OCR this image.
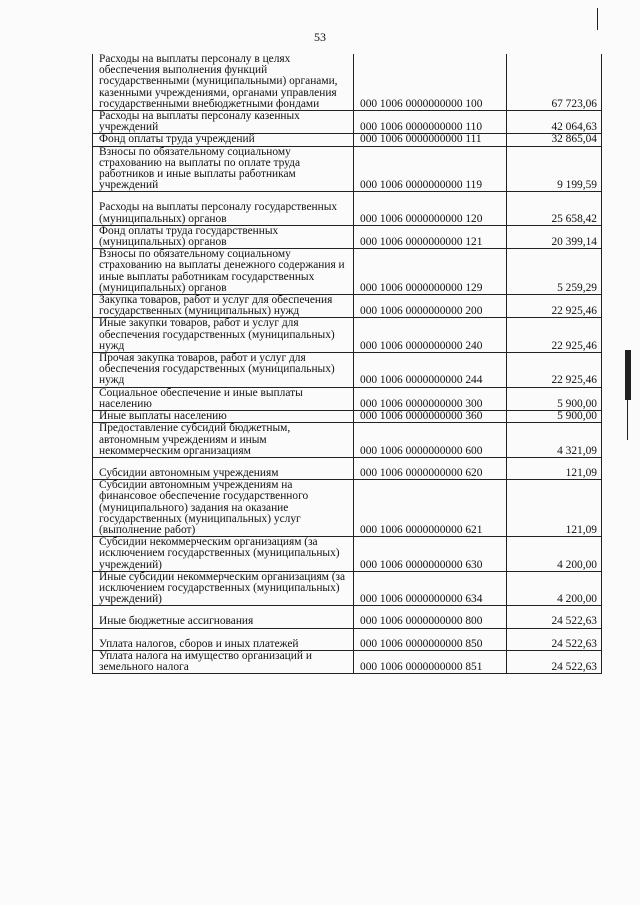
53
Расходы на выплаты персоналу в целях обеспечения выполнения функций государственными (муниципальными) органами, казенными учреждениями, органами управления государственными внебюджетными фондами	000 1006 0000000000 100	67 723,06
Расходы на выплаты персоналу казенных учреждений	000 1006 0000000000 110	42 064,63
Фонд оплаты труда учреждений	000 1006 0000000000 111	32 865,04
Взносы по обязательному социальному страхованию на выплаты по оплате труда работников и иные выплаты работникам учреждений	000 1006 0000000000 119	9 199,59

Расходы на выплаты персоналу государственных (муниципальных) органов	000 1006 0000000000 120	25 658,42
Фонд оплаты труда государственных (муниципальных) органов	000 1006 0000000000 121	20 399,14
Взносы по обязательному социальному страхованию на выплаты денежного содержания и иные выплаты работникам государственных (муниципальных) органов	000 1006 0000000000 129	5 259,29
Закупка товаров, работ и услуг для обеспечения государственных (муниципальных) нужд	000 1006 0000000000 200	22 925,46
Иные закупки товаров, работ и услуг для обеспечения государственных (муниципальных) нужд	000 1006 0000000000 240	22 925,46
Прочая закупка товаров, работ и услуг для обеспечения государственных (муниципальных) нужд	000 1006 0000000000 244	22 925,46
Социальное обеспечение и иные выплаты населению	000 1006 0000000000 300	5 900,00
Иные выплаты населению	000 1006 0000000000 360	5 900,00
Предоставление субсидий бюджетным, автономным учреждениям и иным некоммерческим организациям	000 1006 0000000000 600	4 321,09

Субсидии автономным учреждениям	000 1006 0000000000 620	121,09
Субсидии автономным учреждениям на финансовое обеспечение государственного (муниципального) задания на оказание государственных (муниципальных) услуг (выполнение работ)	000 1006 0000000000 621	121,09
Субсидии некоммерческим организациям (за исключением государственных (муниципальных) учреждений)	000 1006 0000000000 630	4 200,00
Иные субсидии некоммерческим организациям (за исключением государственных (муниципальных) учреждений)	000 1006 0000000000 634	4 200,00

Иные бюджетные ассигнования	000 1006 0000000000 800	24 522,63

Уплата налогов, сборов и иных платежей	000 1006 0000000000 850	24 522,63
Уплата налога на имущество организаций и земельного налога	000 1006 0000000000 851	24 522,63
